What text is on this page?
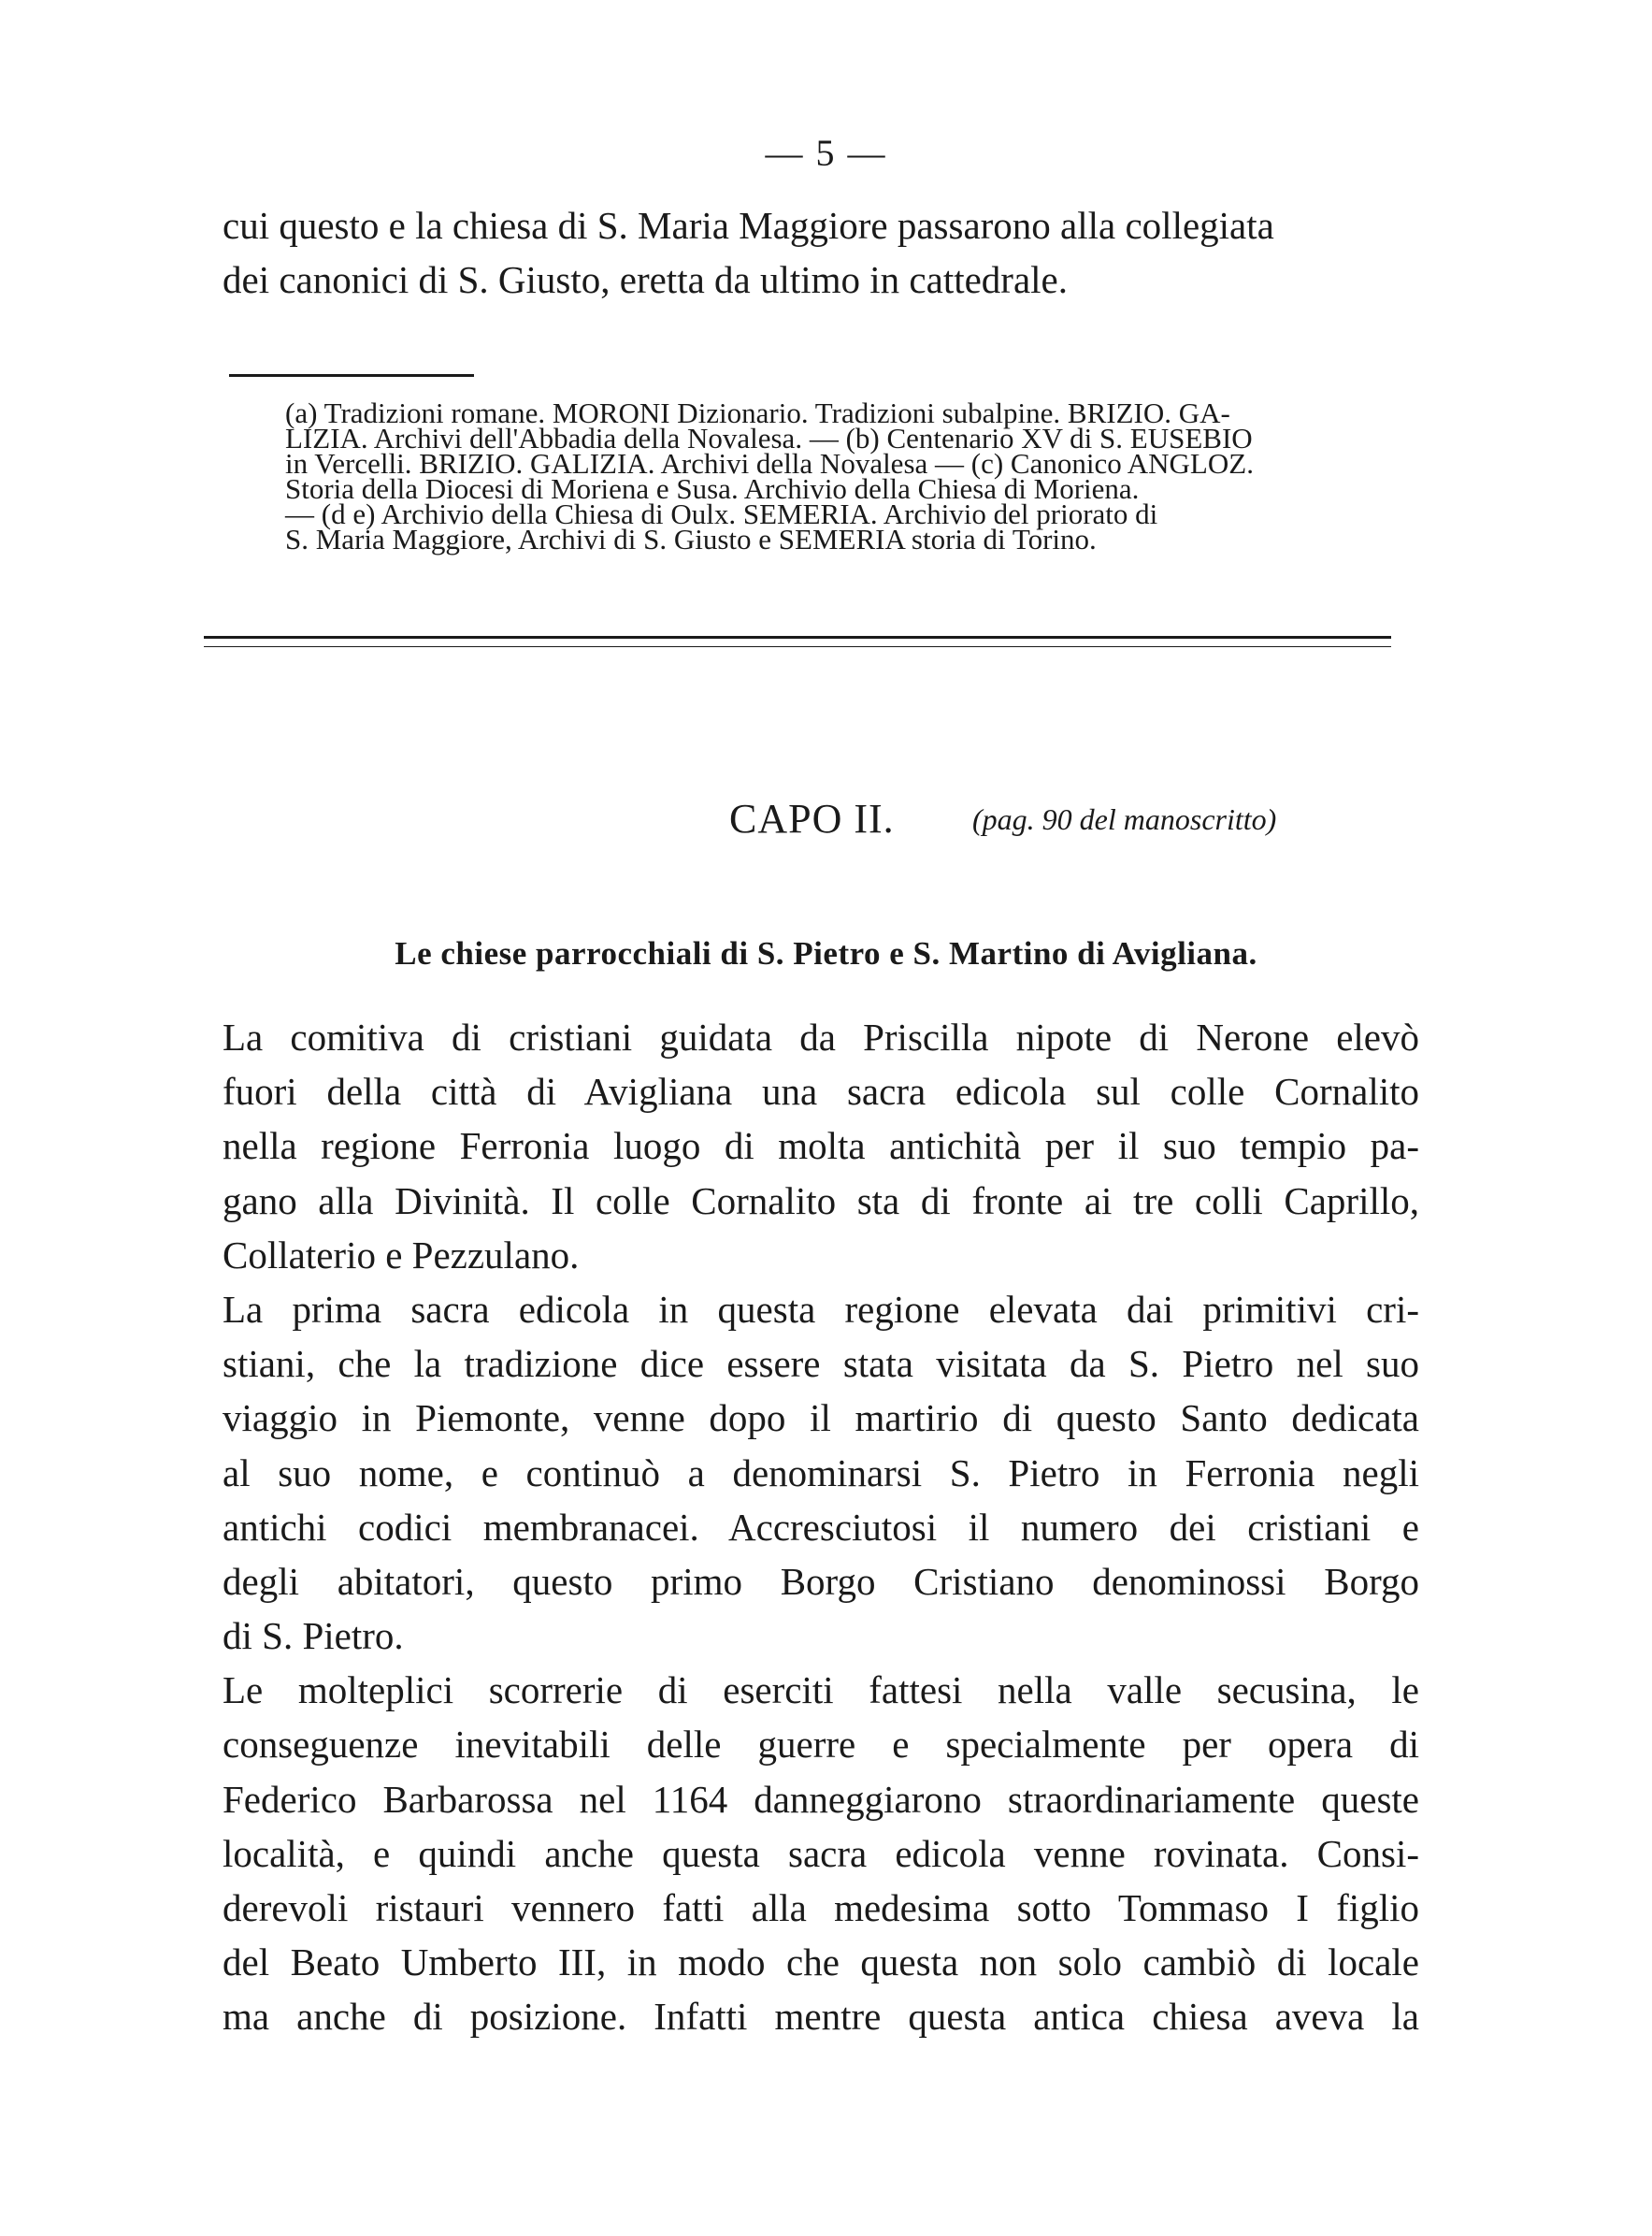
— 5 —

cui questo e la chiesa di S. Maria Maggiore passarono alla collegiata

dei canonici di S. Giusto, eretta da ultimo in cattedrale.

(a) Tradizioni romane. MORONI Dizionario. Tradizioni subalpine. BRIZIO. GA-

LIZIA. Archivi dell'Abbadia della Novalesa. — (b) Centenario XV di S. EUSEBIO

in Vercelli. BRIZIO. GALIZIA. Archivi della Novalesa — (c) Canonico ANGLOZ.

Storia della Diocesi di Moriena e Susa. Archivio della Chiesa di Moriena.

— (d e) Archivio della Chiesa di Oulx. SEMERIA. Archivio del priorato di

S. Maria Maggiore, Archivi di S. Giusto e SEMERIA storia di Torino.

CAPO II.	(pag. 90 del manoscritto)
Le chiese parrocchiali di S. Pietro e S. Martino di Avigliana.
La comitiva di cristiani guidata da Priscilla nipote di Nerone elevò
fuori della città di Avigliana una sacra edicola sul colle Cornalito
nella regione Ferronia luogo di molta antichità per il suo tempio pa-
gano alla Divinità. Il colle Cornalito sta di fronte ai tre colli Caprillo,
Collaterio e Pezzulano.
La prima sacra edicola in questa regione elevata dai primitivi cri-
stiani, che la tradizione dice essere stata visitata da S. Pietro nel suo
viaggio in Piemonte, venne dopo il martirio di questo Santo dedicata
al suo nome, e continuò a denominarsi S. Pietro in Ferronia negli
antichi codici membranacei. Accresciutosi il numero dei cristiani e
degli abitatori, questo primo Borgo Cristiano denominossi Borgo
di S. Pietro.
Le molteplici scorrerie di eserciti fattesi nella valle secusina, le
conseguenze inevitabili delle guerre e specialmente per opera di
Federico Barbarossa nel 1164 danneggiarono straordinariamente queste
località, e quindi anche questa sacra edicola venne rovinata. Consi-
derevoli ristauri vennero fatti alla medesima sotto Tommaso I figlio
del Beato Umberto III, in modo che questa non solo cambiò di locale
ma anche di posizione. Infatti mentre questa antica chiesa aveva la
